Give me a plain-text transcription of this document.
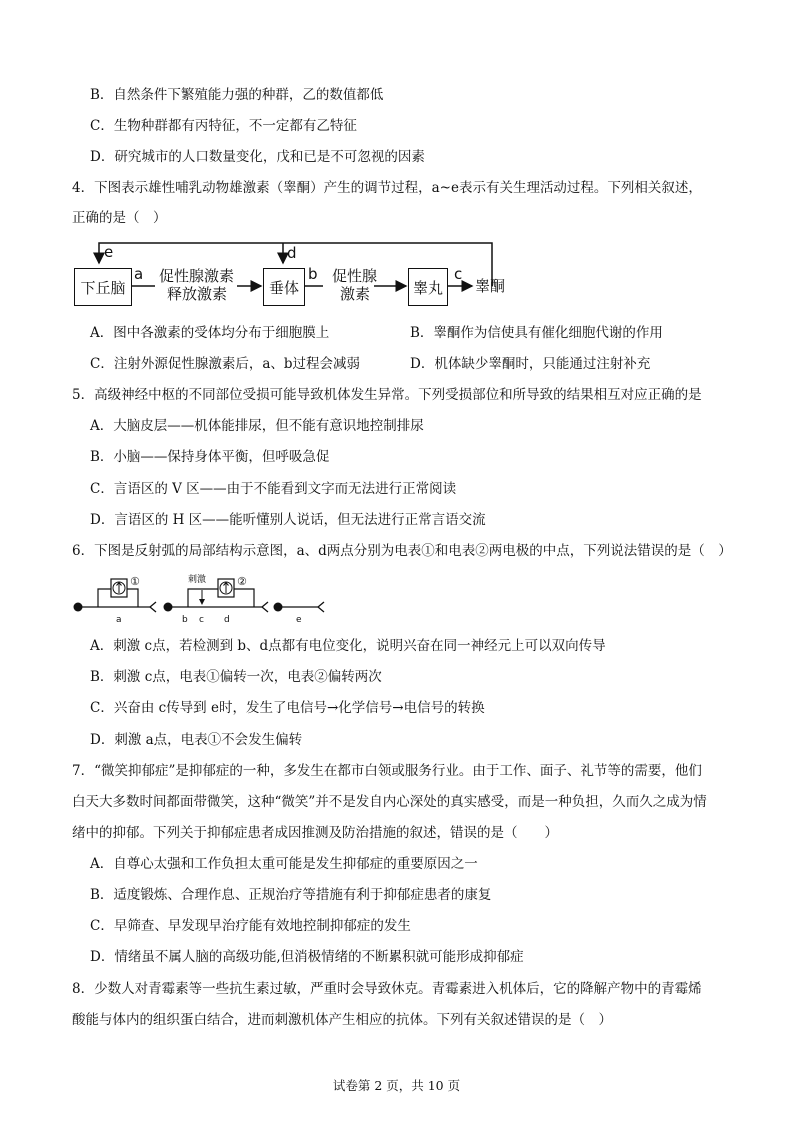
B．自然条件下繁殖能力强的种群，乙的数值都低
C．生物种群都有丙特征，不一定都有乙特征
D．研究城市的人口数量变化，戊和已是不可忽视的因素
4．下图表示雄性哺乳动物雄激素（睾酮）产生的调节过程，a~e表示有关生理活动过程。下列相关叙述，
正确的是（　）
下丘脑	垂体	睾丸 睾酮
a 促性腺激素
释放激素
b 促性腺
激素
c
d
e
A．图中各激素的受体均分布于细胞膜上	B．睾酮作为信使具有催化细胞代谢的作用
C．注射外源促性腺激素后，a、b过程会减弱	D．机体缺少睾酮时，只能通过注射补充
5．高级神经中枢的不同部位受损可能导致机体发生异常。下列受损部位和所导致的结果相互对应正确的是
A．大脑皮层——机体能排尿，但不能有意识地控制排尿
B．小脑——保持身体平衡，但呼吸急促
C．言语区的 V 区——由于不能看到文字而无法进行正常阅读
D．言语区的 H 区——能听懂别人说话，但无法进行正常言语交流
6．下图是反射弧的局部结构示意图，a、d两点分别为电表①和电表②两电极的中点，下列说法错误的是（　）
①	②
刺激
a	b c d	e
A．刺激 c点，若检测到 b、d点都有电位变化，说明兴奋在同一神经元上可以双向传导
B．刺激 c点，电表①偏转一次，电表②偏转两次
C．兴奋由 c传导到 e时，发生了电信号→化学信号→电信号的转换
D．刺激 a点，电表①不会发生偏转
7．“微笑抑郁症”是抑郁症的一种，多发生在都市白领或服务行业。由于工作、面子、礼节等的需要，他们
白天大多数时间都面带微笑，这种“微笑”并不是发自内心深处的真实感受，而是一种负担，久而久之成为情
绪中的抑郁。下列关于抑郁症患者成因推测及防治措施的叙述，错误的是（　　）
A．自尊心太强和工作负担太重可能是发生抑郁症的重要原因之一
B．适度锻炼、合理作息、正规治疗等措施有利于抑郁症患者的康复
C．早筛查、早发现早治疗能有效地控制抑郁症的发生
D．情绪虽不属人脑的高级功能,但消极情绪的不断累积就可能形成抑郁症
8．少数人对青霉素等一些抗生素过敏，严重时会导致休克。青霉素进入机体后，它的降解产物中的青霉烯
酸能与体内的组织蛋白结合，进而刺激机体产生相应的抗体。下列有关叙述错误的是（　）
试卷第 2 页，共 10 页
